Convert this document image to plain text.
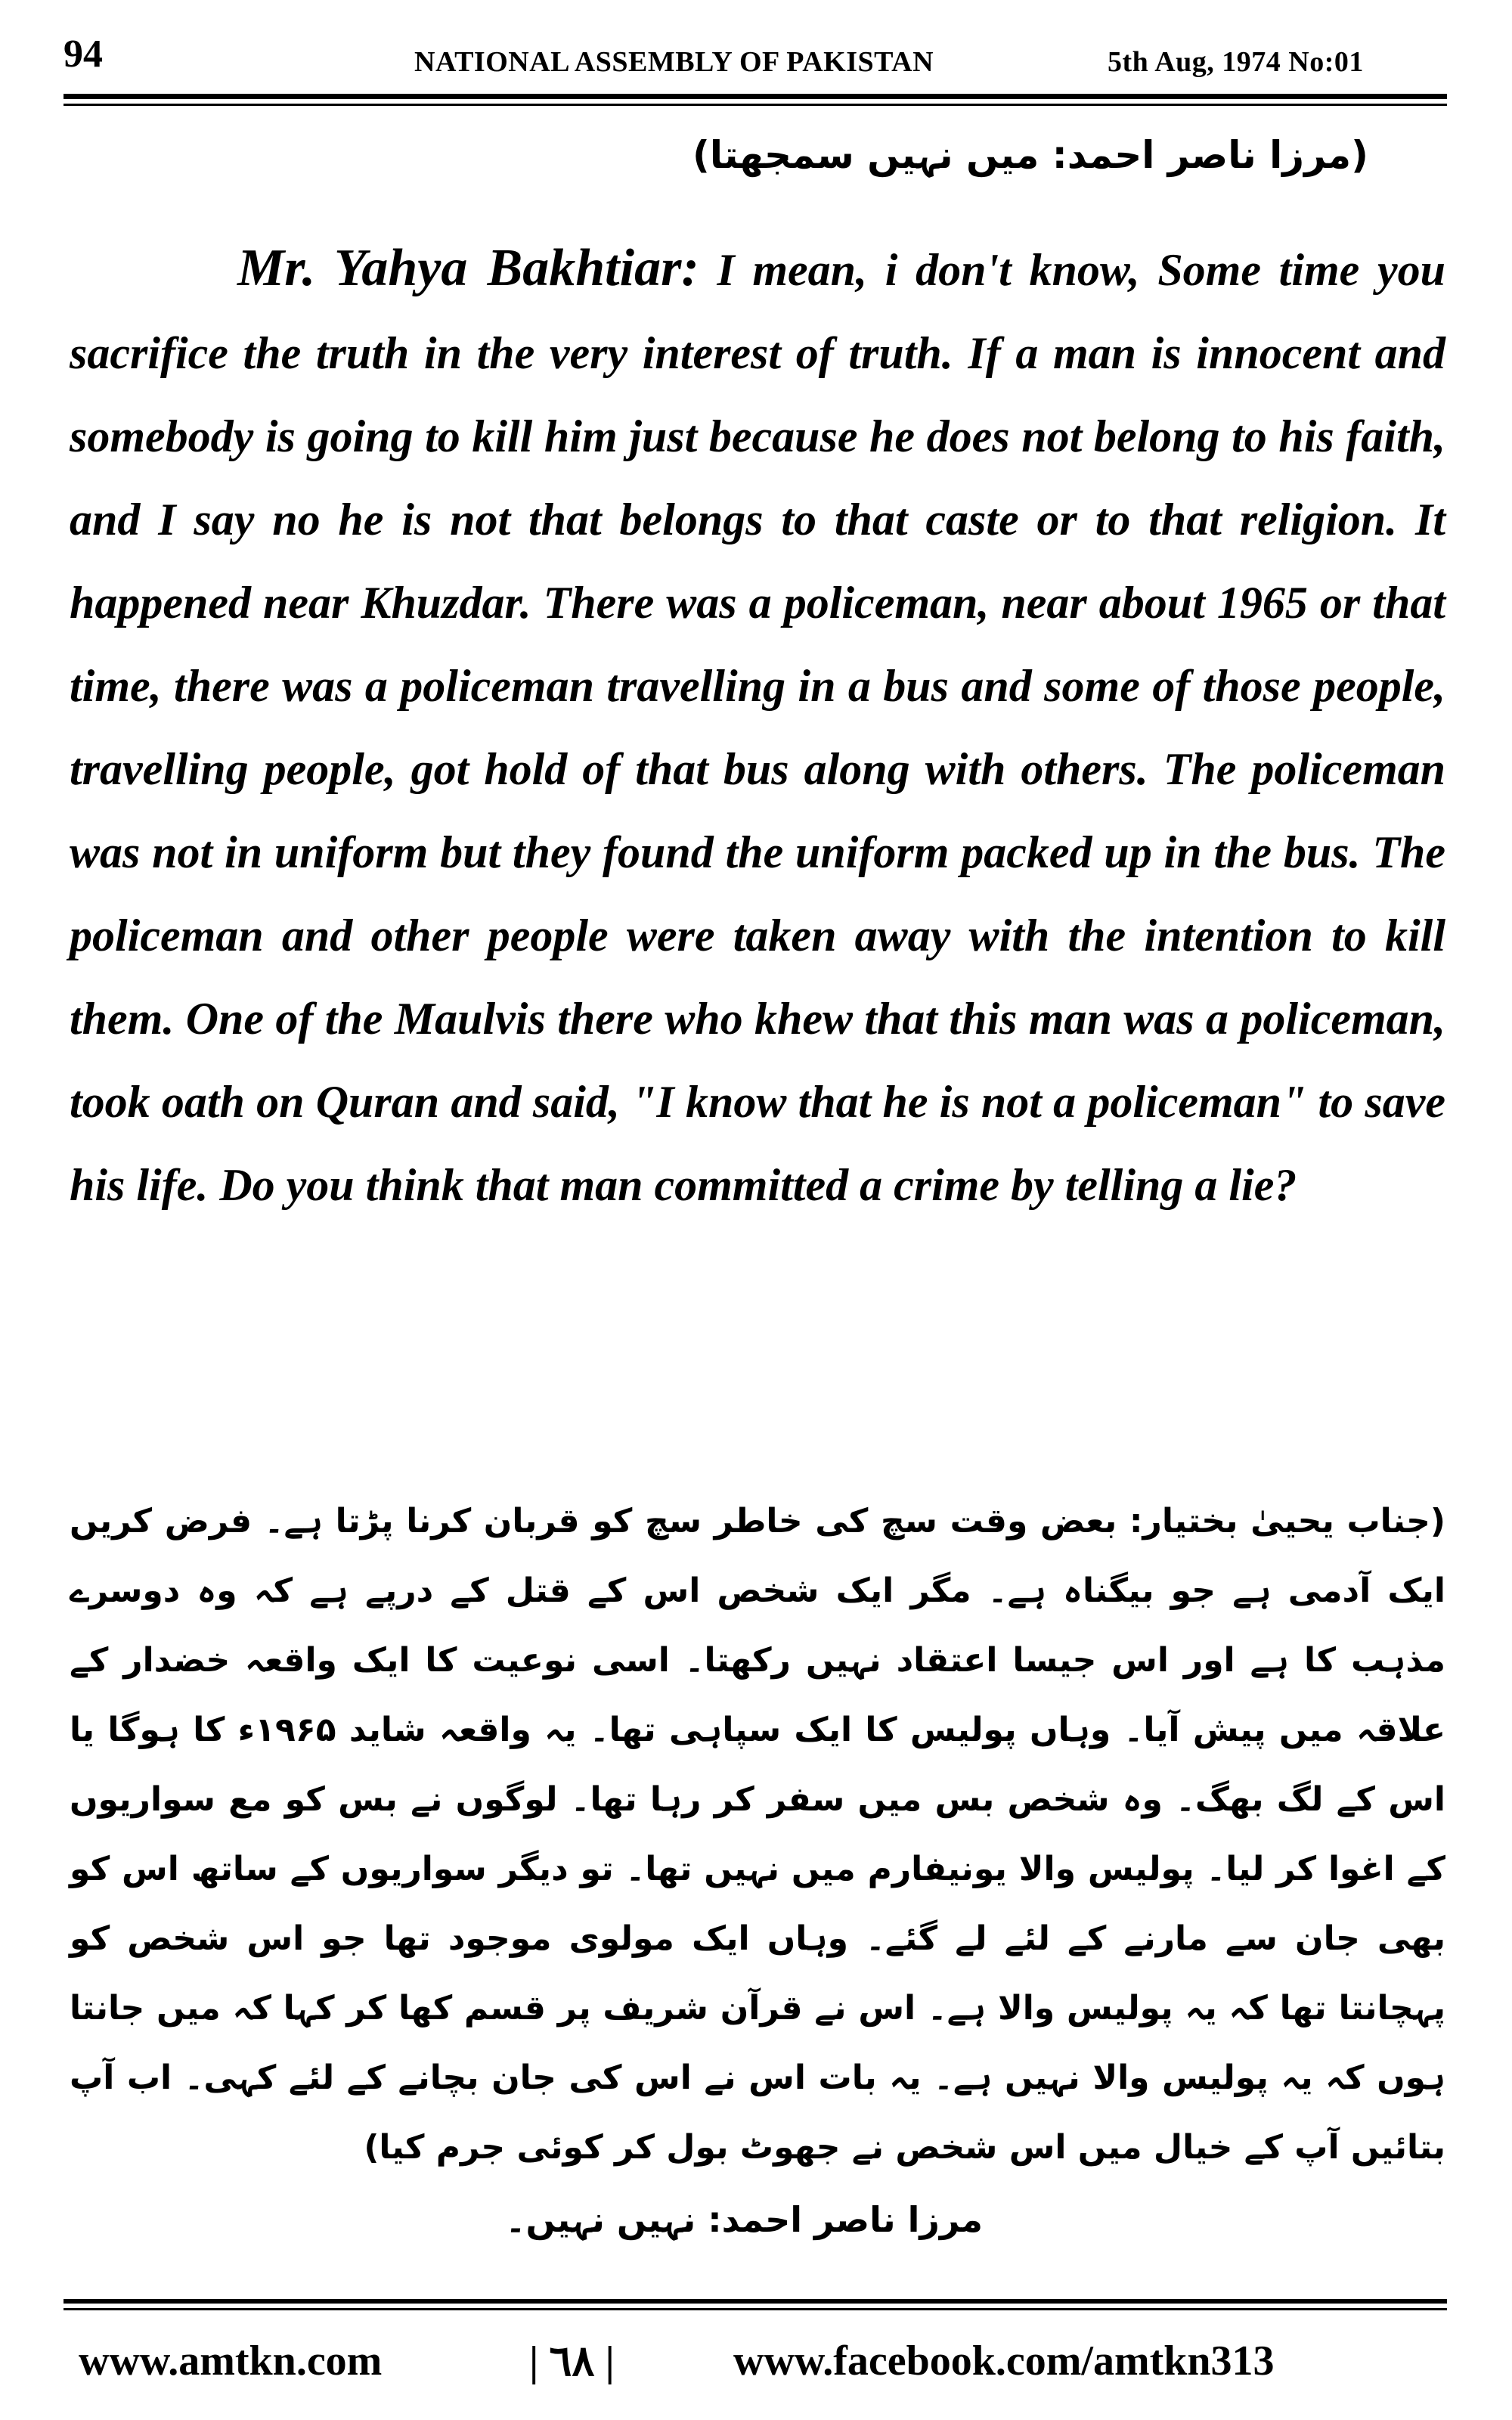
94	NATIONAL ASSEMBLY OF PAKISTAN	5th Aug, 1974 No:01
(مرزا ناصر احمد: میں نہیں سمجھتا)
Mr. Yahya Bakhtiar: I mean, i don't know, Some time you sacrifice the truth in the very interest of truth. If a man is innocent and somebody is going to kill him just because he does not belong to his faith, and I say no he is not that belongs to that caste or to that religion. It happened near Khuzdar. There was a policeman, near about 1965 or that time, there was a policeman travelling in a bus and some of those people, travelling people, got hold of that bus along with others. The policeman was not in uniform but they found the uniform packed up in the bus. The policeman and other people were taken away with the intention to kill them. One of the Maulvis there who khew that this man was a policeman, took oath on Quran and said, "I know that he is not a policeman" to save his life. Do you think that man committed a crime by telling a lie?
(جناب یحییٰ بختیار: بعض وقت سچ کی خاطر سچ کو قربان کرنا پڑتا ہے۔ فرض کریں ایک آدمی ہے جو بیگناہ ہے۔ مگر ایک شخص اس کے قتل کے درپے ہے کہ وہ دوسرے مذہب کا ہے اور اس جیسا اعتقاد نہیں رکھتا۔ اسی نوعیت کا ایک واقعہ خضدار کے علاقہ میں پیش آیا۔ وہاں پولیس کا ایک سپاہی تھا۔ یہ واقعہ شاید ۱۹۶۵ء کا ہوگا یا اس کے لگ بھگ۔ وہ شخص بس میں سفر کر رہا تھا۔ لوگوں نے بس کو مع سواریوں کے اغوا کر لیا۔ پولیس والا یونیفارم میں نہیں تھا۔ تو دیگر سواریوں کے ساتھ اس کو بھی جان سے مارنے کے لئے لے گئے۔ وہاں ایک مولوی موجود تھا جو اس شخص کو پہچانتا تھا کہ یہ پولیس والا ہے۔ اس نے قرآن شریف پر قسم کھا کر کہا کہ میں جانتا ہوں کہ یہ پولیس والا نہیں ہے۔ یہ بات اس نے اس کی جان بچانے کے لئے کہی۔ اب آپ بتائیں آپ کے خیال میں اس شخص نے جھوٹ بول کر کوئی جرم کیا)
مرزا ناصر احمد: نہیں نہیں۔
www.amtkn.com	| ٦٨ |	www.facebook.com/amtkn313
